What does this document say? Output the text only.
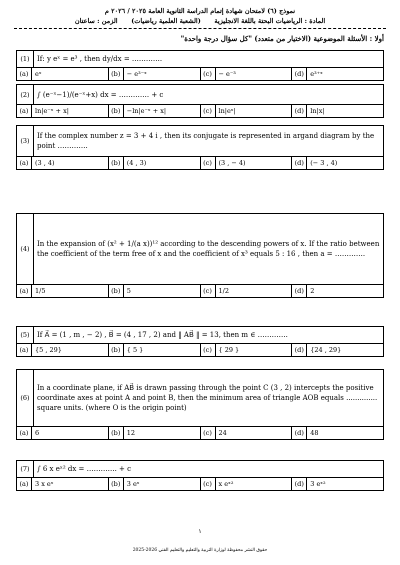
نموذج (٦) لامتحان شهادة إتمام الدراسة الثانوية العامة ٢٠٢٥ / ٢٠٢٦ م
المادة : الرياضيات البحتة باللغة الانجليزية      (الشعبة العلمية رياضيات)      الزمن : ساعتان
أولا : الأسئلة الموضوعية (الاختيار من متعدد) "كل سؤال درجة واحدة"
(1)	If: y eˣ = e³ , then dy/dx = ………….
(a)	eˣ	(b) − e³⁻ˣ	(c)	− e⁻³	(d) e³⁺ˣ
(2)	∫ (e⁻ˣ−1)/(e⁻ˣ+x) dx = …………. + c
(a)	ln|e⁻ˣ + x|	(b) −ln|e⁻ˣ + x|	(c)	ln|eˣ|	(d) ln|x|
(3)
If the complex number z = 3 + 4 i , then its conjugate is represented in argand diagram by the point ………….
(a)	(3 , 4)	(b) (4 , 3)	(c)	(3 , − 4)	(d) (− 3 , 4)
(4)
In the expansion of (x² + 1/(a x))¹² according to the descending powers of x. If the ratio between the coefficient of the term free of x and the coefficient of x³ equals 5 : 16 , then a = ………….
(a)	1/5	(b) 5	(c)	1/2	(d) 2
(5)	If A⃗ = (1 , m , − 2) , B⃗ = (4 , 17 , 2) and ‖ AB⃗ ‖ = 13, then m ∈ ………….
(a)	{5 , 29}	(b) { 5 }	(c)	{ 29 }	(d) {24 , 29}
(6)
In a coordinate plane, if AB⃗ is drawn passing through the point C (3 , 2) intercepts the positive coordinate axes at point A and point B, then the minimum area of triangle AOB equals .............. square units. (where O is the origin point)
(a)	6	(b) 12	(c)	24	(d) 48
(7)	∫ 6 x eˣ² dx = …………. + c
(a)	3 x eˣ	(b) 3 eˣ	(c)	x eˣ²	(d) 3 eˣ²
١
حقوق النشر محفوظة لوزارة التربية والتعليم والتعليم الفني 2026-2025
